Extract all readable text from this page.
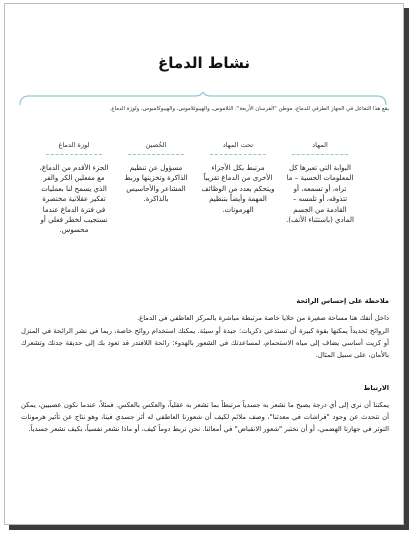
نشاط الدماغ
يقع هذا التفاعل في الجهاز الطرفي للدماغ، موطن "الفرسان الأربعة": الثلاموس، والهيبوثلاموس، والهيبوكامبوس، ولوزة الدماغ.
المهاد
البوابة التي تعبرها كل المعلومات الحسية – ما تراه، أو تسمعه، أو تتذوقه، أو تلمسه – القادمة من الجسم المادي (باستثناء الأنف).
تحت المهاد
مرتبط بكل الأجزاء الأخرى من الدماغ تقريباً ويتحكم بعدد من الوظائف المهمة وأيضاً بتنظيم الهرمونات.
الحُصين
مسؤول عن تنظيم الذاكرة وتخزينها وربط المشاعر والأحاسيس بالذاكرة.
لوزة الدماغ
الجزء الأقدم من الدماغ، مع مفعلين الكر والفر الذي يسمح لنا بعمليات تفكير عقلانية مختصرة في فترة الدماغ عندما نستجيب لخطر فعلي أو محسوس.
ملاحظة على إحساس الرائحة
داخل أنفك هنا مساحة صغيرة من خلايا خاصة مرتبطة مباشرة بالمركز العاطفي في الدماغ.
الروائح تحديداً يمكنها بقوة كبيرة أن تستدعي ذكريات: جيدة أو سيئة. يمكنك استخدام روائح خاصة، ربما في نشر الرائحة في المنزل أو كزيت أساسي يضاف إلى مياه الاستحمام، لمساعدتك في الشعور بالهدوء: رائحة اللافندر قد تعود بك إلى حديقة جدتك وتشعرك بالأمان، على سبيل المثال.
الارتباط
يمكننا أن نرى إلى أي درجة يصبح ما نشعر به جسدياً مرتبطاً بما نشعر به عقلياً، والعكس بالعكس. فمثلاً، عندما نكون عصبيين، يمكن أن نتحدث عن وجود "فراشات في معدتنا"، وصف ملائم لكيف أن شعورنا العاطفي له أثر جسدي فينا، وهو نتاج عن تأثير هرمونات التوتر في جهازنا الهضمي، أو أن نختبر "شعور الانقباض" في أمعائنا. نحن نربط دوماً كيف، أو ماذا نشعر نفسياً، بكيف نشعر جسدياً.
